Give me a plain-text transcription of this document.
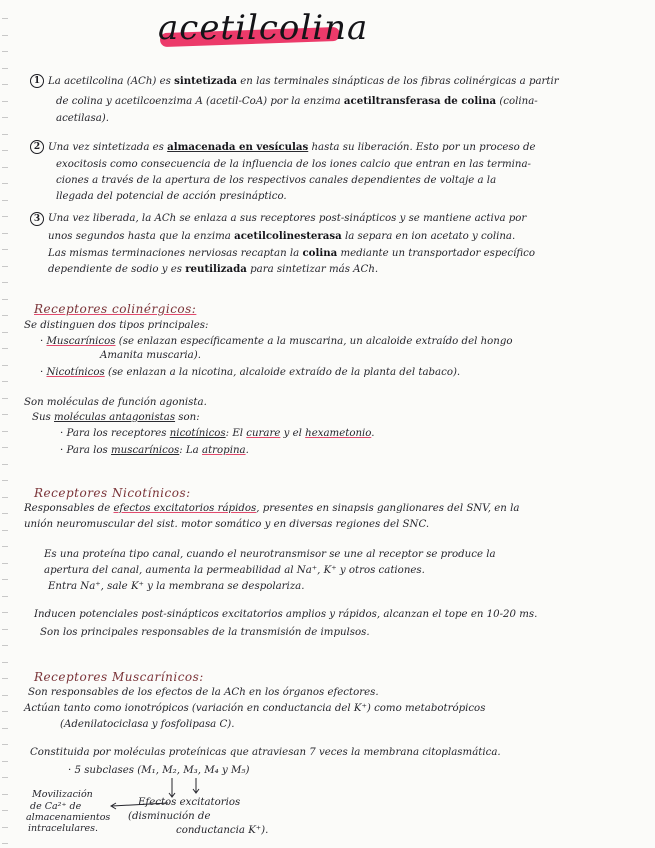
acetilcolina
1 La acetilcolina (ACh) es sintetizada en las terminales sinápticas de los fibras colinérgicas a partir
de colina y acetilcoenzima A (acetil-CoA) por la enzima acetiltransferasa de colina (colina-
acetilasa).
2 Una vez sintetizada es almacenada en vesículas hasta su liberación. Esto por un proceso de
exocitosis como consecuencia de la influencia de los iones calcio que entran en las termina-
ciones a través de la apertura de los respectivos canales dependientes de voltaje a la
llegada del potencial de acción presináptico.
3 Una vez liberada, la ACh se enlaza a sus receptores post-sinápticos y se mantiene activa por
unos segundos hasta que la enzima acetilcolinesterasa la separa en ion acetato y colina.
Las mismas terminaciones nerviosas recaptan la colina mediante un transportador específico
dependiente de sodio y es reutilizada para sintetizar más ACh.
Receptores colinérgicos:
Se distinguen dos tipos principales:
· Muscarínicos (se enlazan específicamente a la muscarina, un alcaloide extraído del hongo
Amanita muscaria).
· Nicotínicos (se enlazan a la nicotina, alcaloide extraído de la planta del tabaco).
Son moléculas de función agonista.
Sus moléculas antagonistas son:
· Para los receptores nicotínicos: El curare y el hexametonio.
· Para los muscarínicos: La atropina.
Receptores Nicotínicos:
Responsables de efectos excitatorios rápidos, presentes en sinapsis ganglionares del SNV, en la
unión neuromuscular del sist. motor somático y en diversas regiones del SNC.
Es una proteína tipo canal, cuando el neurotransmisor se une al receptor se produce la
apertura del canal, aumenta la permeabilidad al Na⁺, K⁺ y otros cationes.
Entra Na⁺, sale K⁺ y la membrana se despolariza.
Inducen potenciales post-sinápticos excitatorios amplios y rápidos, alcanzan el tope en 10-20 ms.
Son los principales responsables de la transmisión de impulsos.
Receptores Muscarínicos:
Son responsables de los efectos de la ACh en los órganos efectores.
Actúan tanto como ionotrópicos (variación en conductancia del K⁺) como metabotrópicos
(Adenilatociclasa y fosfolipasa C).
Constituida por moléculas proteínicas que atraviesan 7 veces la membrana citoplasmática.
· 5 subclases (M₁, M₂, M₃, M₄ y M₅)
Movilización
de Ca²⁺ de
almacenamientos
intracelulares.
Efectos excitatorios
(disminución de
conductancia K⁺).
